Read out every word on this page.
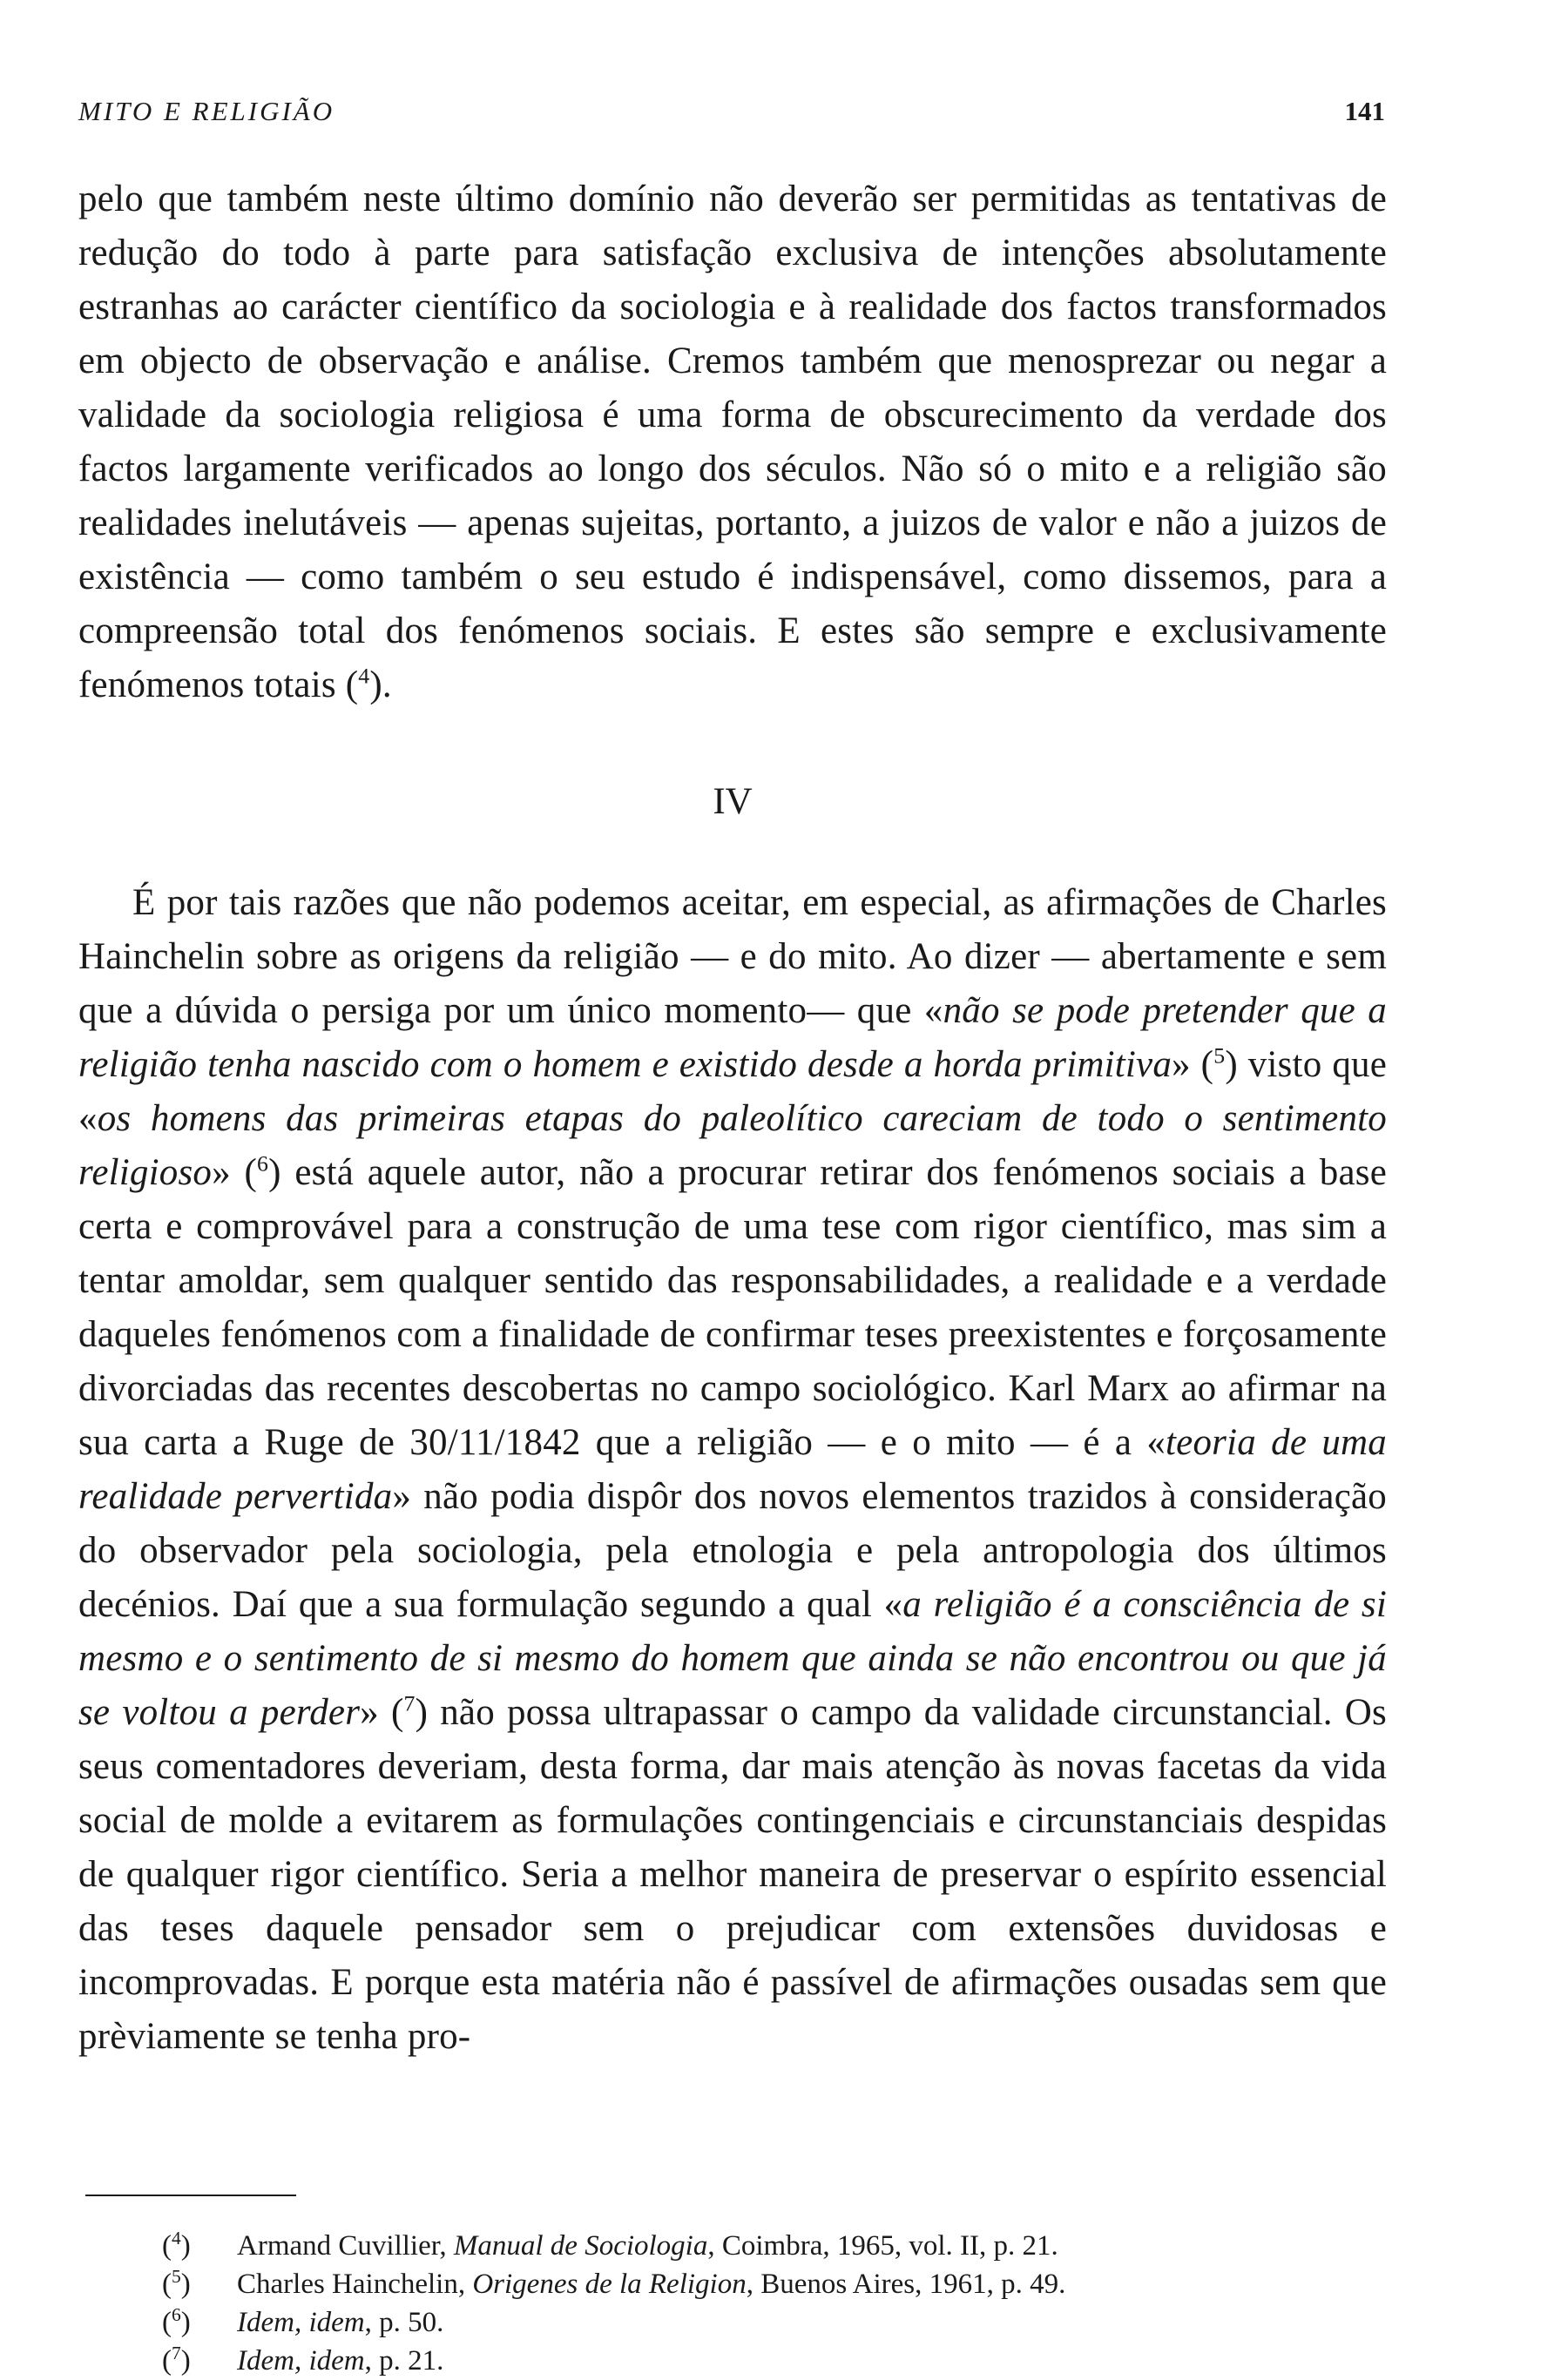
MITO E RELIGIÃO	141

pelo que também neste último domínio não deverão ser permitidas as tentativas de redução do todo à parte para satisfação exclusiva de intenções absolutamente estranhas ao carácter científico da sociologia e à realidade dos factos transformados em objecto de observação e análise. Cremos também que menosprezar ou negar a validade da sociologia religiosa é uma forma de obscurecimento da verdade dos factos largamente verificados ao longo dos séculos. Não só o mito e a religião são realidades inelutáveis — apenas sujeitas, portanto, a juizos de valor e não a juizos de existência — como também o seu estudo é indispensável, como dissemos, para a compreensão total dos fenómenos sociais. E estes são sempre e exclusivamente fenómenos totais ($^4$).

IV

É por tais razões que não podemos aceitar, em especial, as afirmações de Charles Hainchelin sobre as origens da religião — e do mito. Ao dizer — abertamente e sem que a dúvida o persiga por um único momento— que «não se pode pretender que a religião tenha nascido com o homem e existido desde a horda primitiva» ($^5$) visto que «os homens das primeiras etapas do paleolítico careciam de todo o sentimento religioso» ($^6$) está aquele autor, não a procurar retirar dos fenómenos sociais a base certa e comprovável para a construção de uma tese com rigor científico, mas sim a tentar amoldar, sem qualquer sentido das responsabilidades, a realidade e a verdade daqueles fenómenos com a finalidade de confirmar teses preexistentes e forçosamente divorciadas das recentes descobertas no campo sociológico. Karl Marx ao afirmar na sua carta a Ruge de 30/11/1842 que a religião — e o mito — é a «teoria de uma realidade pervertida» não podia dispôr dos novos elementos trazidos à consideração do observador pela sociologia, pela etnologia e pela antropologia dos últimos decénios. Daí que a sua formulação segundo a qual «a religião é a consciência de si mesmo e o sentimento de si mesmo do homem que ainda se não encontrou ou que já se voltou a perder» ($^7$) não possa ultrapassar o campo da validade circunstancial. Os seus comentadores deveriam, desta forma, dar mais atenção às novas facetas da vida social de molde a evitarem as formulações contingenciais e circunstanciais despidas de qualquer rigor científico. Seria a melhor maneira de preservar o espírito essencial das teses daquele pensador sem o prejudicar com extensões duvidosas e incomprovadas. E porque esta matéria não é passível de afirmações ousadas sem que prèviamente se tenha pro-

($^4$)	Armand Cuvillier, Manual de Sociologia, Coimbra, 1965, vol. II, p. 21.
($^5$)	Charles Hainchelin, Origenes de la Religion, Buenos Aires, 1961, p. 49.
($^6$)	Idem, idem, p. 50.
($^7$)	Idem, idem, p. 21.
